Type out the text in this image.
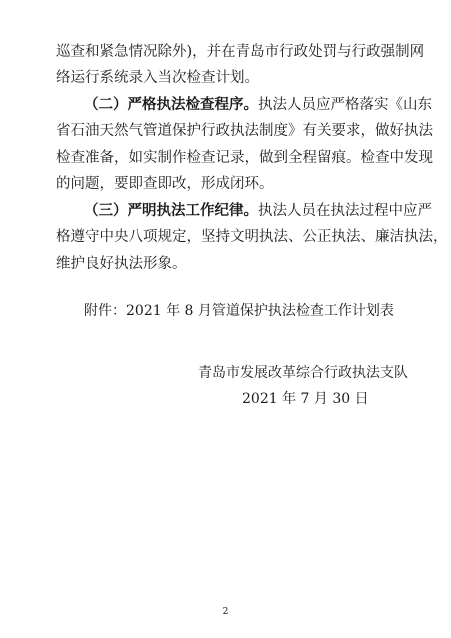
巡查和紧急情况除外)，并在青岛市行政处罚与行政强制网
络运行系统录入当次检查计划。
（二）严格执法检查程序。执法人员应严格落实《山东
省石油天然气管道保护行政执法制度》有关要求，做好执法
检查准备，如实制作检查记录，做到全程留痕。检查中发现
的问题，要即查即改，形成闭环。
（三）严明执法工作纪律。执法人员在执法过程中应严
格遵守中央八项规定，坚持文明执法、公正执法、廉洁执法，
维护良好执法形象。
附件：2021 年 8 月管道保护执法检查工作计划表
青岛市发展改革综合行政执法支队
2021 年 7 月 30 日
2
